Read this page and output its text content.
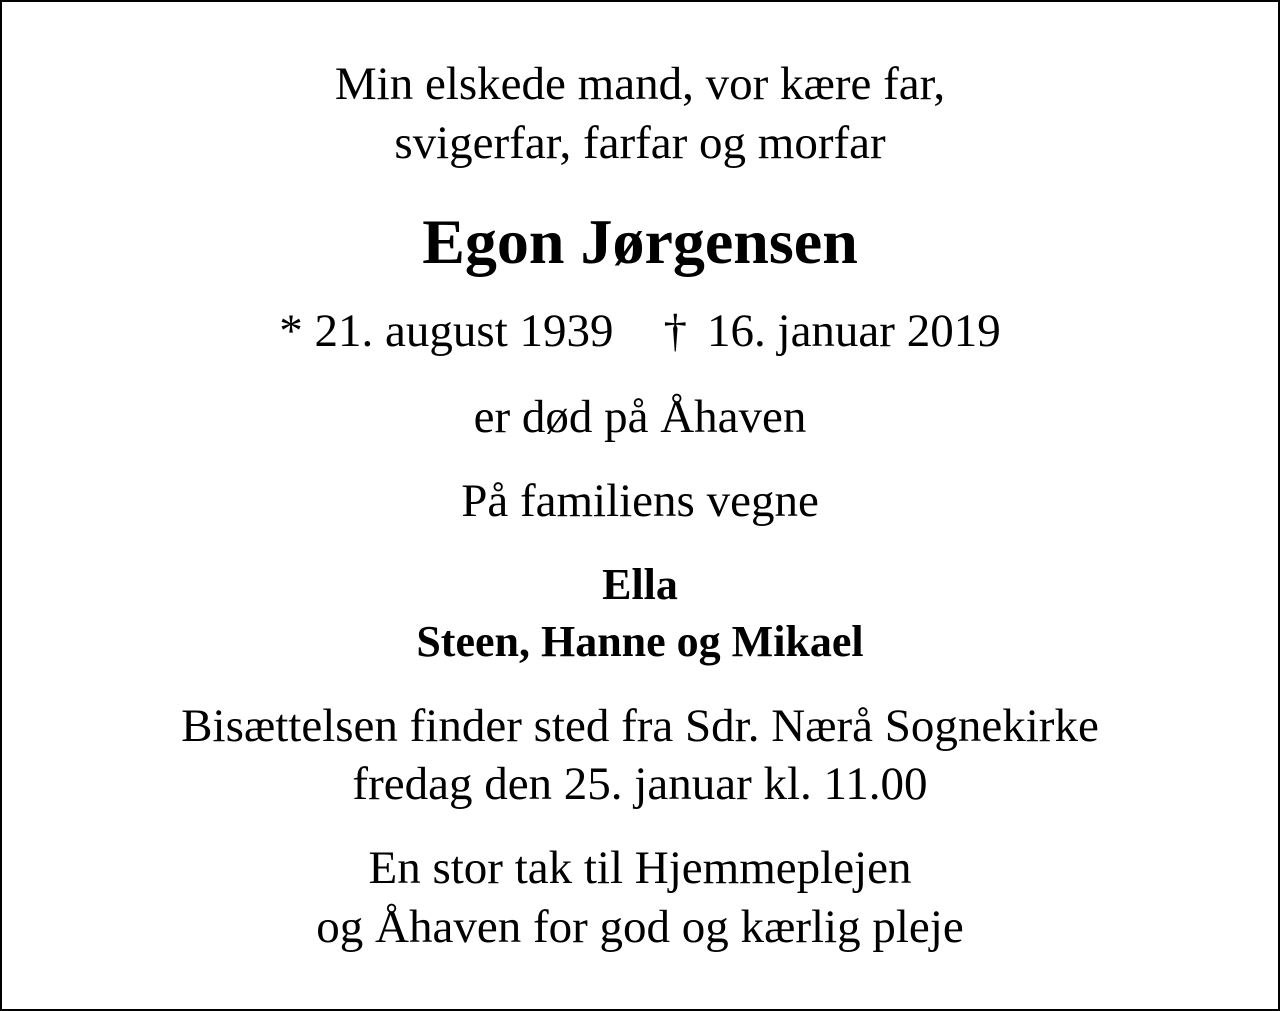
Min elskede mand, vor kære far,
svigerfar, farfar og morfar
Egon Jørgensen
* 21. august 1939 † 16. januar 2019
er død på Åhaven
På familiens vegne
Ella
Steen, Hanne og Mikael
Bisættelsen finder sted fra Sdr. Nærå Sognekirke
fredag den 25. januar kl. 11.00
En stor tak til Hjemmeplejen
og Åhaven for god og kærlig pleje
